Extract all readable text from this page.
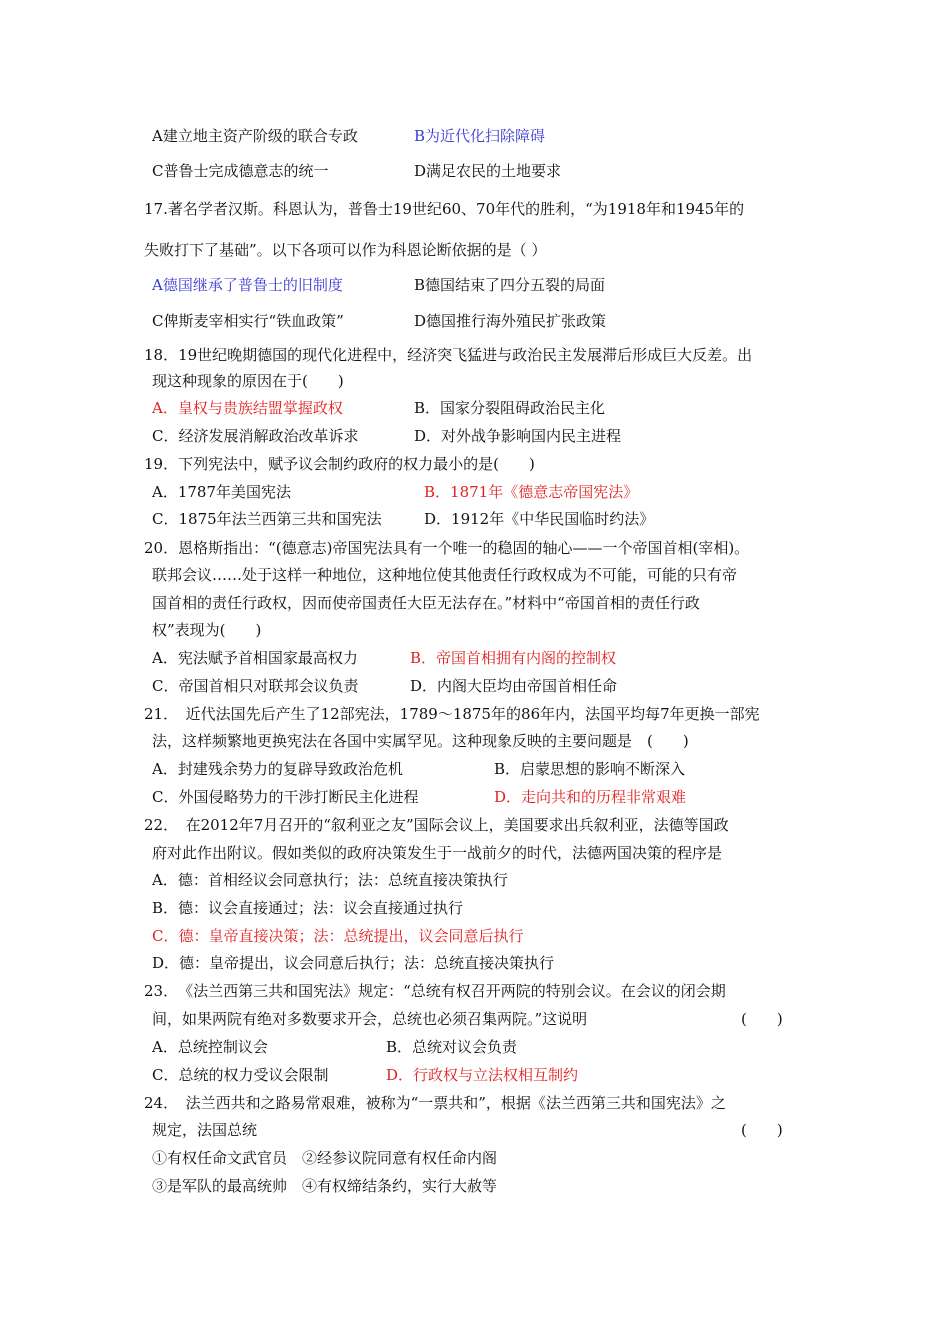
A建立地主资产阶级的联合专政	B为近代化扫除障碍
C普鲁士完成德意志的统一	D满足农民的土地要求
17.著名学者汉斯。科恩认为，普鲁士19世纪60、70年代的胜利，“为1918年和1945年的
失败打下了基础”。以下各项可以作为科恩论断依据的是（ ）
A德国继承了普鲁士的旧制度	B德国结束了四分五裂的局面
C俾斯麦宰相实行“铁血政策”	D德国推行海外殖民扩张政策
18．19世纪晚期德国的现代化进程中，经济突飞猛进与政治民主发展滞后形成巨大反差。出
现这种现象的原因在于(　　)
A．皇权与贵族结盟掌握政权	B．国家分裂阻碍政治民主化
C．经济发展消解政治改革诉求	D．对外战争影响国内民主进程
19．下列宪法中，赋予议会制约政府的权力最小的是(　　)
A．1787年美国宪法	B．1871年《德意志帝国宪法》
C．1875年法兰西第三共和国宪法	D．1912年《中华民国临时约法》
20．恩格斯指出：“(德意志)帝国宪法具有一个唯一的稳固的轴心——一个帝国首相(宰相)。
联邦会议……处于这样一种地位，这种地位使其他责任行政权成为不可能，可能的只有帝
国首相的责任行政权，因而使帝国责任大臣无法存在。”材料中“帝国首相的责任行政
权”表现为(　　)
A．宪法赋予首相国家最高权力	B．帝国首相拥有内阁的控制权
C．帝国首相只对联邦会议负责	D．内阁大臣均由帝国首相任命
21．　近代法国先后产生了12部宪法，1789～1875年的86年内，法国平均每7年更换一部宪
法，这样频繁地更换宪法在各国中实属罕见。这种现象反映的主要问题是　(　　)
A．封建残余势力的复辟导致政治危机	B．启蒙思想的影响不断深入
C．外国侵略势力的干涉打断民主化进程	D．走向共和的历程非常艰难
22．　在2012年7月召开的“叙利亚之友”国际会议上，美国要求出兵叙利亚，法德等国政
府对此作出附议。假如类似的政府决策发生于一战前夕的时代，法德两国决策的程序是
A．德：首相经议会同意执行；法：总统直接决策执行
B．德：议会直接通过；法：议会直接通过执行
C．德：皇帝直接决策；法：总统提出，议会同意后执行
D．德：皇帝提出，议会同意后执行；法：总统直接决策执行
23．　《法兰西第三共和国宪法》规定：“总统有权召开两院的特别会议。在会议的闭会期
间，如果两院有绝对多数要求开会，总统也必须召集两院。”这说明	(　　)
A．总统控制议会	B．总统对议会负责
C．总统的权力受议会限制	D．行政权与立法权相互制约
24．　法兰西共和之路易常艰难，被称为“一票共和”，根据《法兰西第三共和国宪法》之
规定，法国总统	(　　)
①有权任命文武官员　②经参议院同意有权任命内阁
③是军队的最高统帅　④有权缔结条约，实行大赦等
